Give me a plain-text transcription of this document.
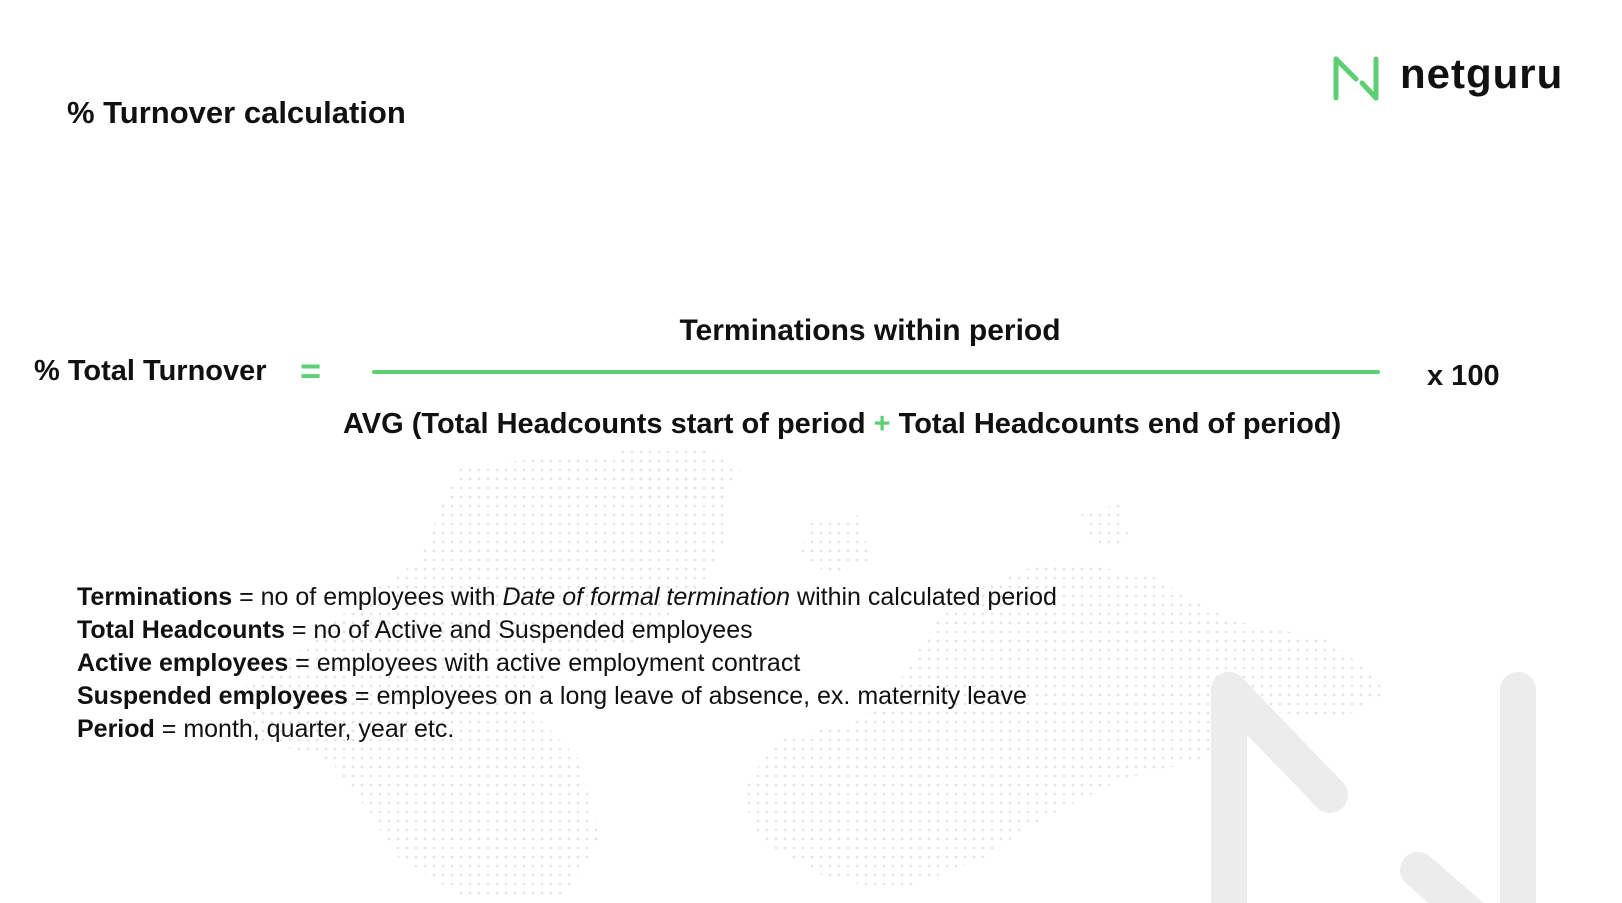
% Turnover calculation
netguru
% Total Turnover =
Terminations within period
AVG (Total Headcounts start of period + Total Headcounts end of period)
x 100
Terminations = no of employees with Date of formal termination within calculated period
Total Headcounts = no of Active and Suspended employees
Active employees = employees with active employment contract
Suspended employees = employees on a long leave of absence, ex. maternity leave
Period = month, quarter, year etc.
